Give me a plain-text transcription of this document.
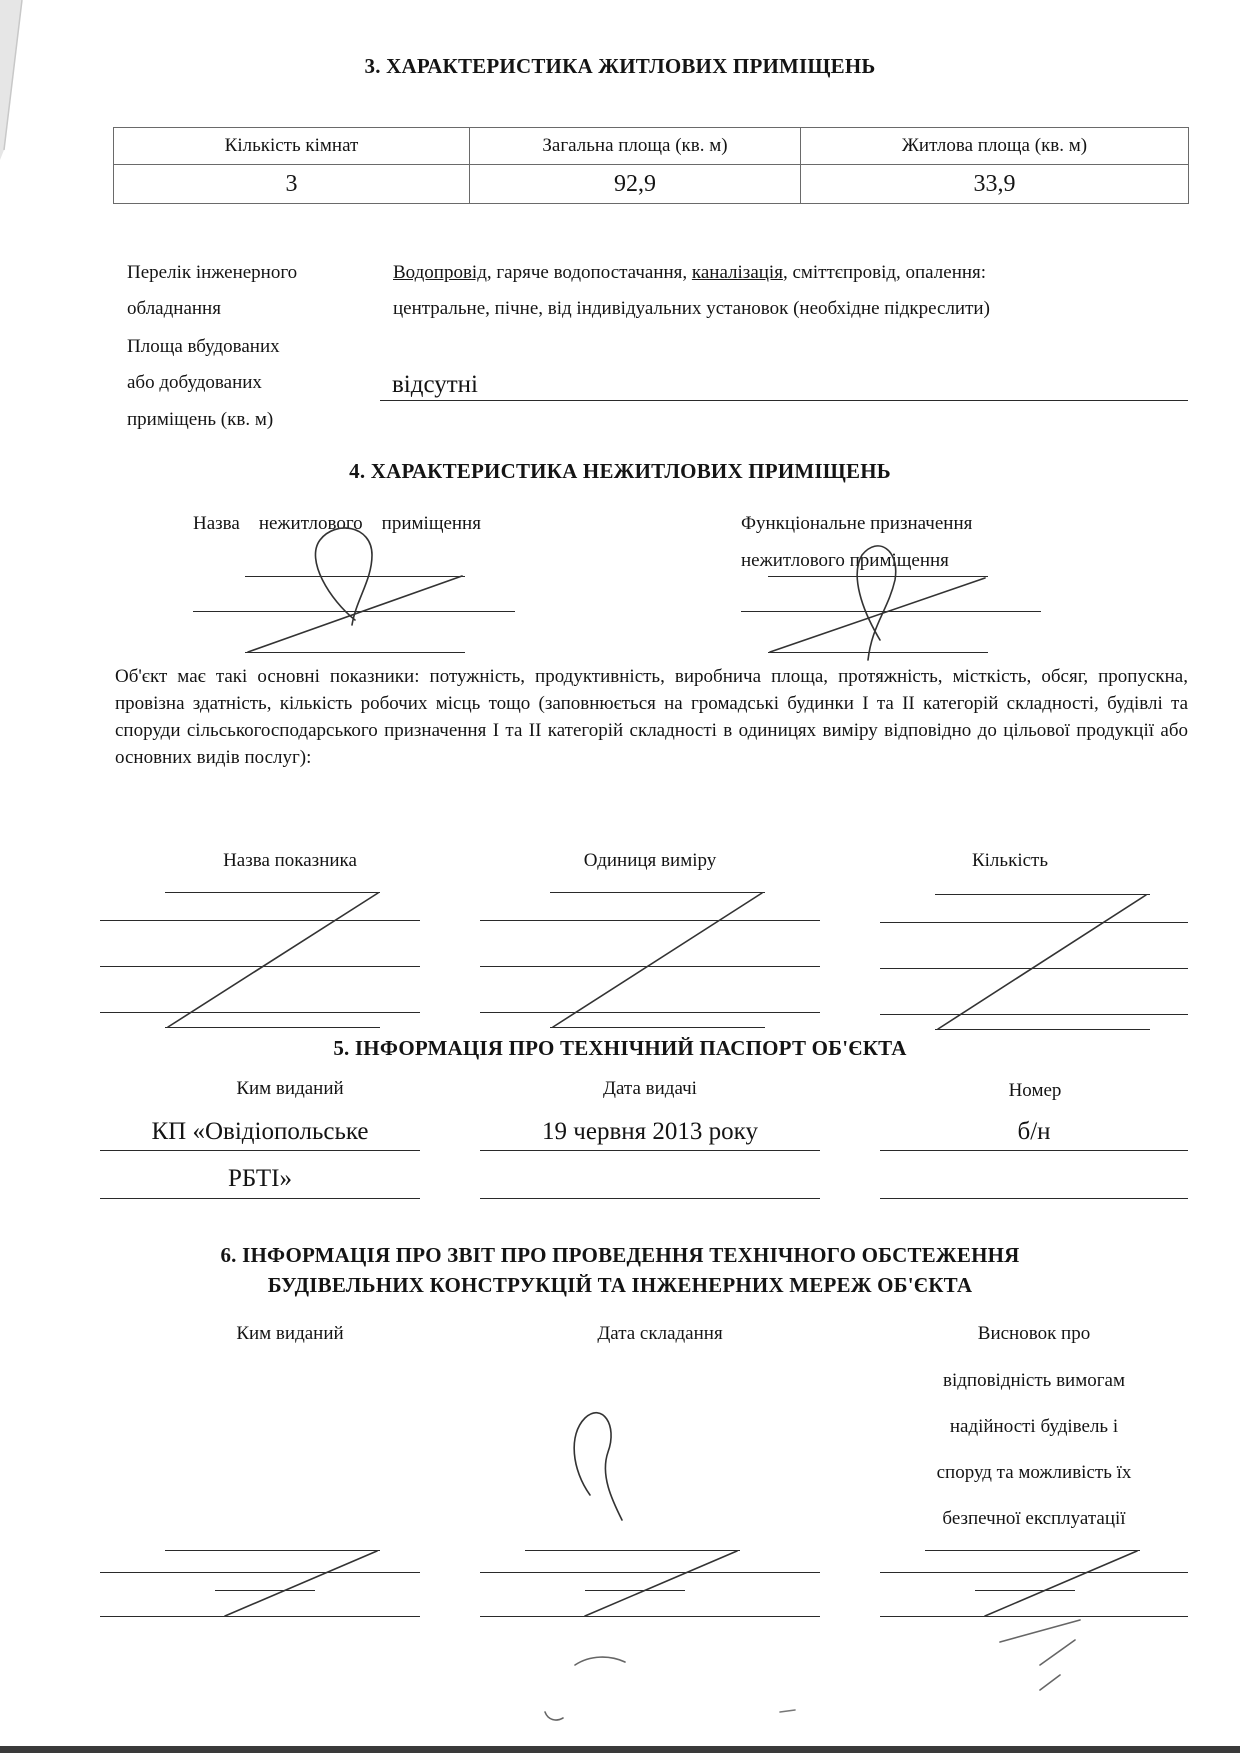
3. ХАРАКТЕРИСТИКА ЖИТЛОВИХ ПРИМІЩЕНЬ
Кількість кімнат	Загальна площа (кв. м)	Житлова площа (кв. м)
3	92,9	33,9
Перелік інженерного
обладнання
Водопровід, гаряче водопостачання, каналізація, сміттєпровід, опалення:
центральне, пічне, від індивідуальних установок (необхідне підкреслити)
Площа вбудованих
або добудованих
приміщень (кв. м)
відсутні
4. ХАРАКТЕРИСТИКА НЕЖИТЛОВИХ ПРИМІЩЕНЬ
Назва    нежитлового    приміщення	Функціональне призначення
нежитлового приміщення
Об'єкт має такі основні показники: потужність, продуктивність, виробнича площа, протяжність, місткість, обсяг, пропускна, провізна здатність, кількість робочих місць тощо (заповнюється на громадські будинки I та II категорій складності, будівлі та споруди сільськогосподарського призначення I та II категорій складності в одиницях виміру відповідно до цільової продукції або основних видів послуг):
Назва показника	Одиниця виміру	Кількість
5. ІНФОРМАЦІЯ ПРО ТЕХНІЧНИЙ ПАСПОРТ ОБ'ЄКТА
Ким виданий	Дата видачі	Номер
КП «Овідіопольське
РБТІ»
19 червня 2013 року	б/н
6. ІНФОРМАЦІЯ ПРО ЗВІТ ПРО ПРОВЕДЕННЯ ТЕХНІЧНОГО ОБСТЕЖЕННЯ
БУДІВЕЛЬНИХ КОНСТРУКЦІЙ ТА ІНЖЕНЕРНИХ МЕРЕЖ ОБ'ЄКТА
Ким виданий	Дата складання	Висновок про
відповідність вимогам
надійності будівель і
споруд та можливість їх
безпечної експлуатації
